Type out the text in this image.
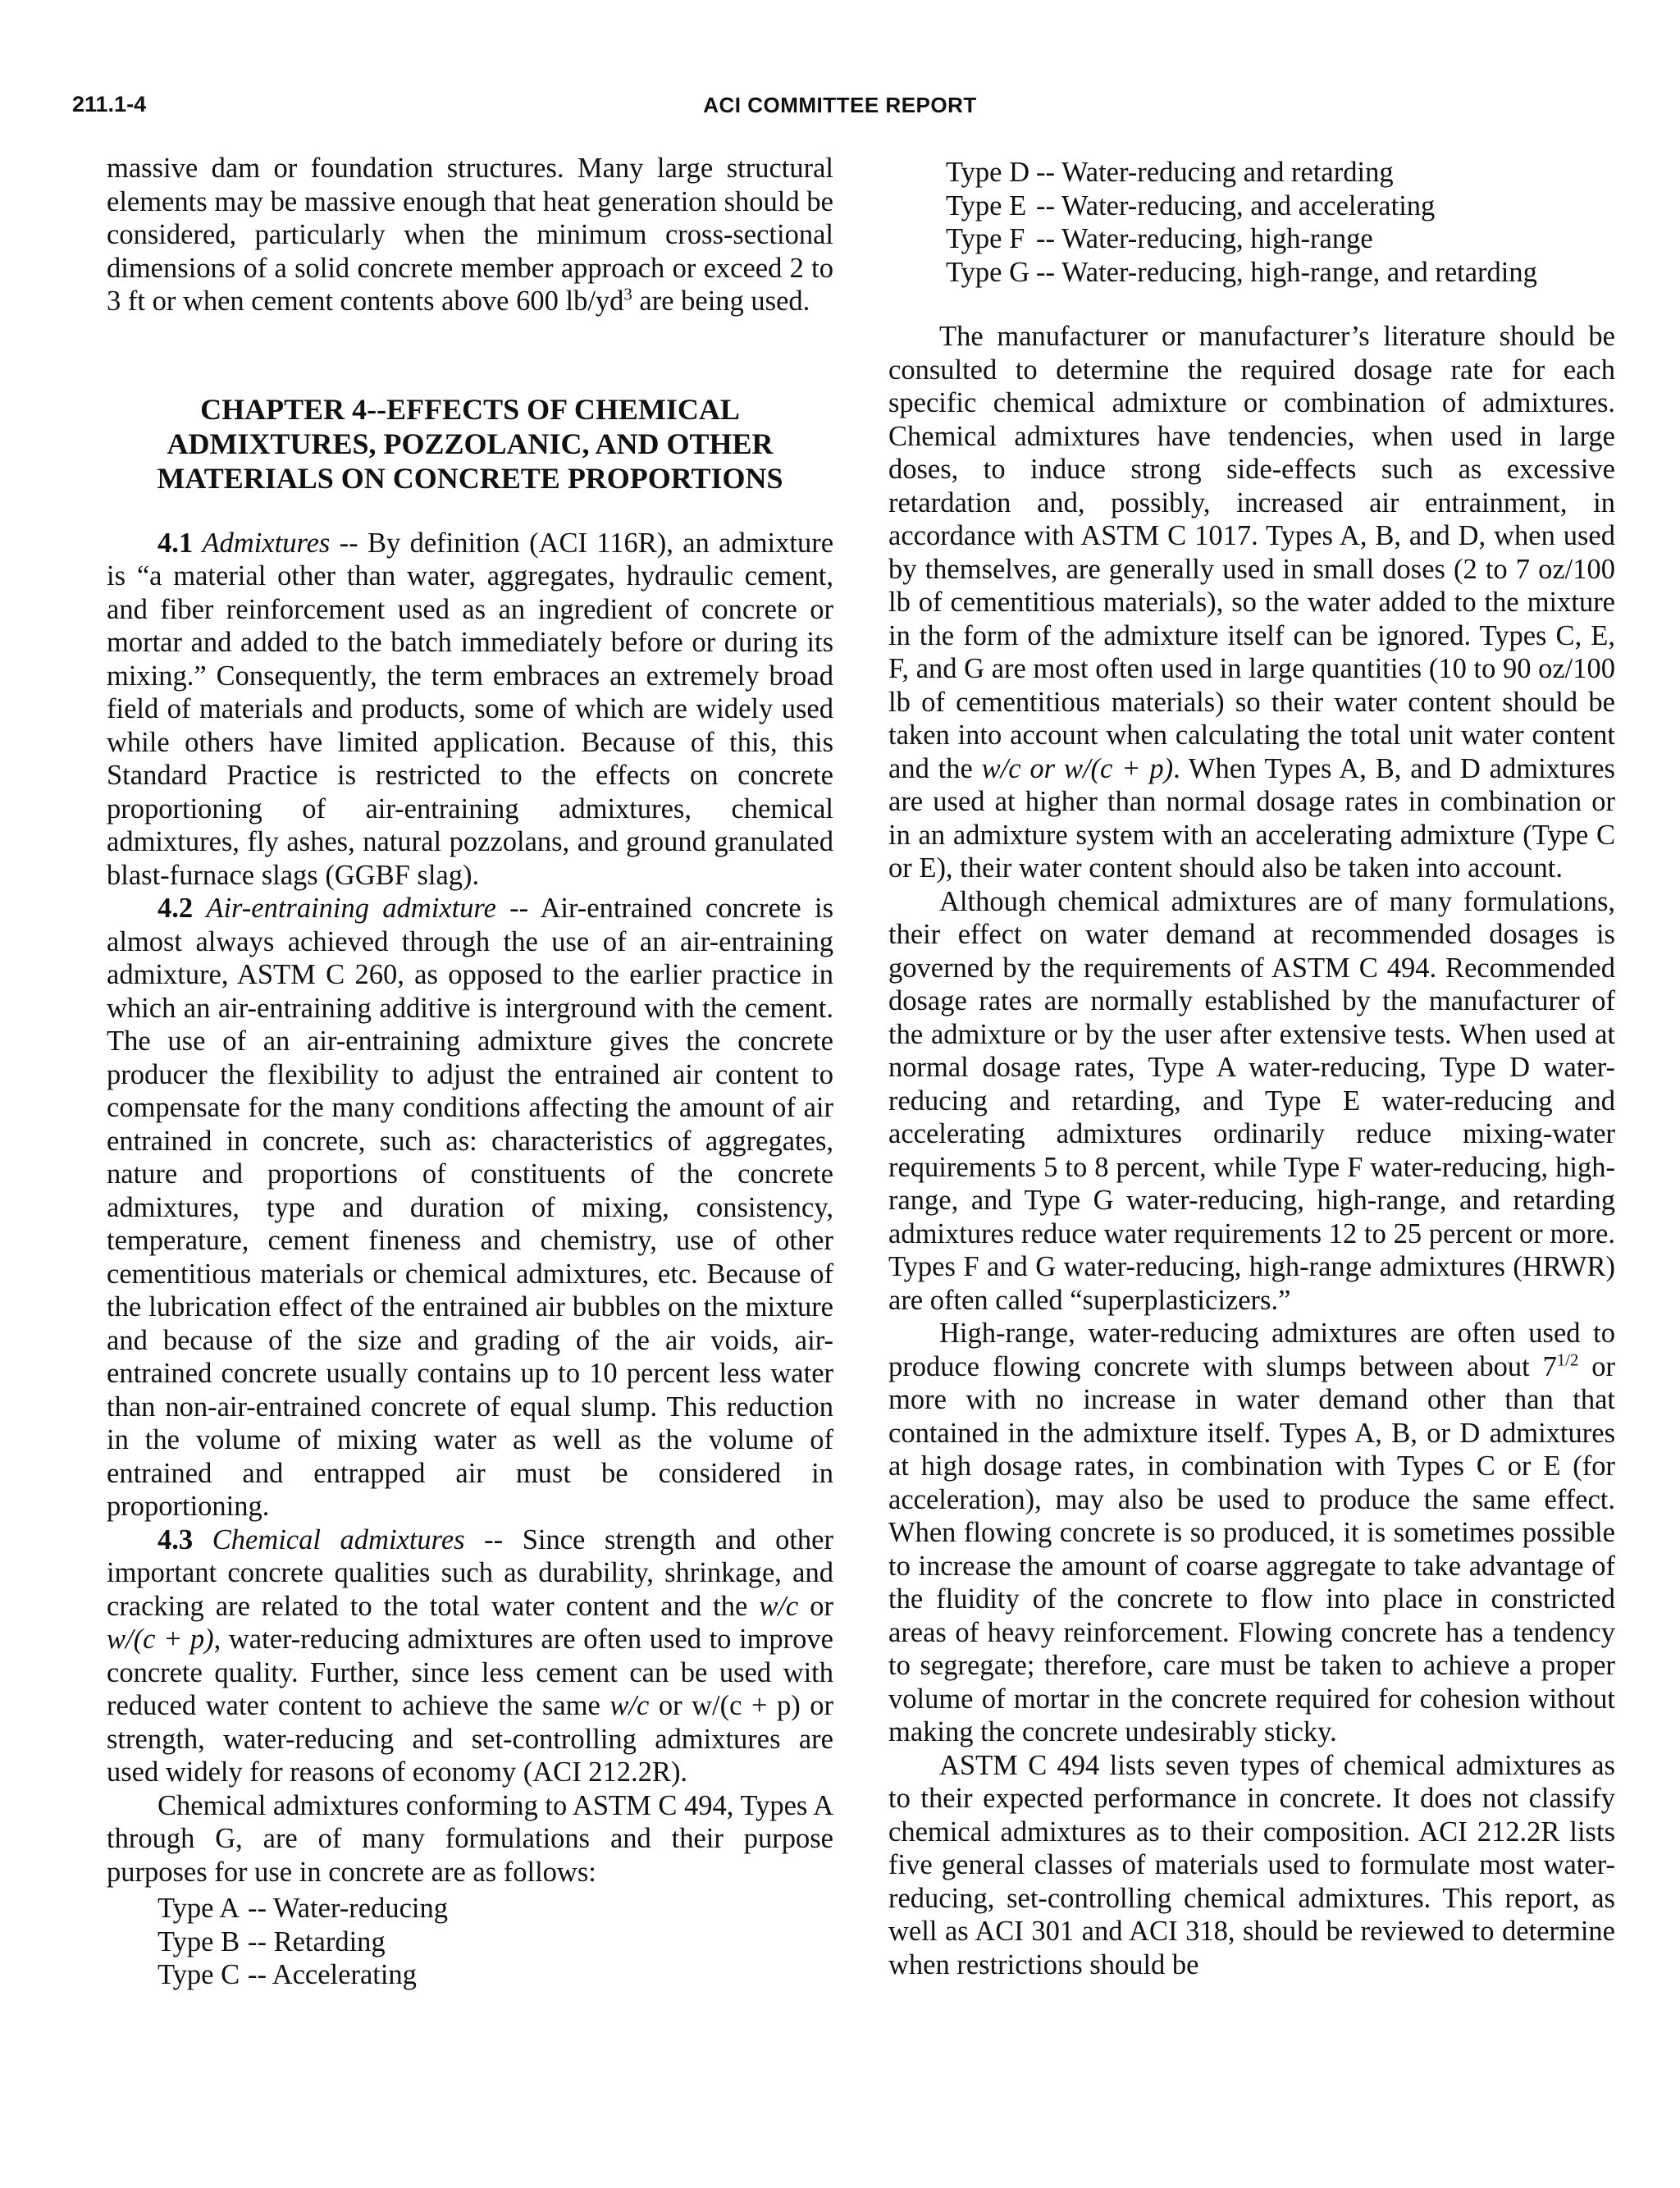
211.1-4	ACI COMMITTEE REPORT

massive dam or foundation structures. Many large structural elements may be massive enough that heat generation should be considered, particularly when the minimum cross-sectional dimensions of a solid concrete member approach or exceed 2 to 3 ft or when cement contents above 600 $lb/yd^3$ are being used.

CHAPTER 4--EFFECTS OF CHEMICAL ADMIXTURES, POZZOLANIC, AND OTHER MATERIALS ON CONCRETE PROPORTIONS

4.1 Admixtures -- By definition (ACI 116R), an admixture is “a material other than water, aggregates, hydraulic cement, and fiber reinforcement used as an ingredient of concrete or mortar and added to the batch immediately before or during its mixing.” Consequently, the term embraces an extremely broad field of materials and products, some of which are widely used while others have limited application. Because of this, this Standard Practice is restricted to the effects on concrete proportioning of air-entraining admixtures, chemical admixtures, fly ashes, natural pozzolans, and ground granulated blast-furnace slags (GGBF slag).

4.2 Air-entraining admixture -- Air-entrained concrete is almost always achieved through the use of an air-entraining admixture, ASTM C 260, as opposed to the earlier practice in which an air-entraining additive is interground with the cement. The use of an air-entraining admixture gives the concrete producer the flexibility to adjust the entrained air content to compensate for the many conditions affecting the amount of air entrained in concrete, such as: characteristics of aggregates, nature and proportions of constituents of the concrete admixtures, type and duration of mixing, consistency, temperature, cement fineness and chemistry, use of other cementitious materials or chemical admixtures, etc. Because of the lubrication effect of the entrained air bubbles on the mixture and because of the size and grading of the air voids, air-entrained concrete usually contains up to 10 percent less water than non-air-entrained concrete of equal slump. This reduction in the volume of mixing water as well as the volume of entrained and entrapped air must be considered in proportioning.

4.3 Chemical admixtures -- Since strength and other important concrete qualities such as durability, shrinkage, and cracking are related to the total water content and the w/c or w/(c + p), water-reducing admixtures are often used to improve concrete quality. Further, since less cement can be used with reduced water content to achieve the same w/c or w/(c + p) or strength, water-reducing and set-controlling admixtures are used widely for reasons of economy (ACI 212.2R).

Chemical admixtures conforming to ASTM C 494, Types A through G, are of many formulations and their purpose purposes for use in concrete are as follows:

Type A -- Water-reducing
Type B -- Retarding
Type C -- Accelerating
Type D -- Water-reducing and retarding
Type E -- Water-reducing, and accelerating
Type F -- Water-reducing, high-range
Type G -- Water-reducing, high-range, and retarding

The manufacturer or manufacturer’s literature should be consulted to determine the required dosage rate for each specific chemical admixture or combination of admixtures. Chemical admixtures have tendencies, when used in large doses, to induce strong side-effects such as excessive retardation and, possibly, increased air entrainment, in accordance with ASTM C 1017. Types A, B, and D, when used by themselves, are generally used in small doses (2 to 7 oz/100 lb of cementitious materials), so the water added to the mixture in the form of the admixture itself can be ignored. Types C, E, F, and G are most often used in large quantities (10 to 90 oz/100 lb of cementitious materials) so their water content should be taken into account when calculating the total unit water content and the w/c or w/(c + p). When Types A, B, and D admixtures are used at higher than normal dosage rates in combination or in an admixture system with an accelerating admixture (Type C or E), their water content should also be taken into account.

Although chemical admixtures are of many formulations, their effect on water demand at recommended dosages is governed by the requirements of ASTM C 494. Recommended dosage rates are normally established by the manufacturer of the admixture or by the user after extensive tests. When used at normal dosage rates, Type A water-reducing, Type D water-reducing and retarding, and Type E water-reducing and accelerating admixtures ordinarily reduce mixing-water requirements 5 to 8 percent, while Type F water-reducing, high-range, and Type G water-reducing, high-range, and retarding admixtures reduce water requirements 12 to 25 percent or more. Types F and G water-reducing, high-range admixtures (HRWR) are often called “superplasticizers.”

High-range, water-reducing admixtures are often used to produce flowing concrete with slumps between about $7^{1/2}$ or more with no increase in water demand other than that contained in the admixture itself. Types A, B, or D admixtures at high dosage rates, in combination with Types C or E (for acceleration), may also be used to produce the same effect. When flowing concrete is so produced, it is sometimes possible to increase the amount of coarse aggregate to take advantage of the fluidity of the concrete to flow into place in constricted areas of heavy reinforcement. Flowing concrete has a tendency to segregate; therefore, care must be taken to achieve a proper volume of mortar in the concrete required for cohesion without making the concrete undesirably sticky.

ASTM C 494 lists seven types of chemical admixtures as to their expected performance in concrete. It does not classify chemical admixtures as to their composition. ACI 212.2R lists five general classes of materials used to formulate most water-reducing, set-controlling chemical admixtures. This report, as well as ACI 301 and ACI 318, should be reviewed to determine when restrictions should be
